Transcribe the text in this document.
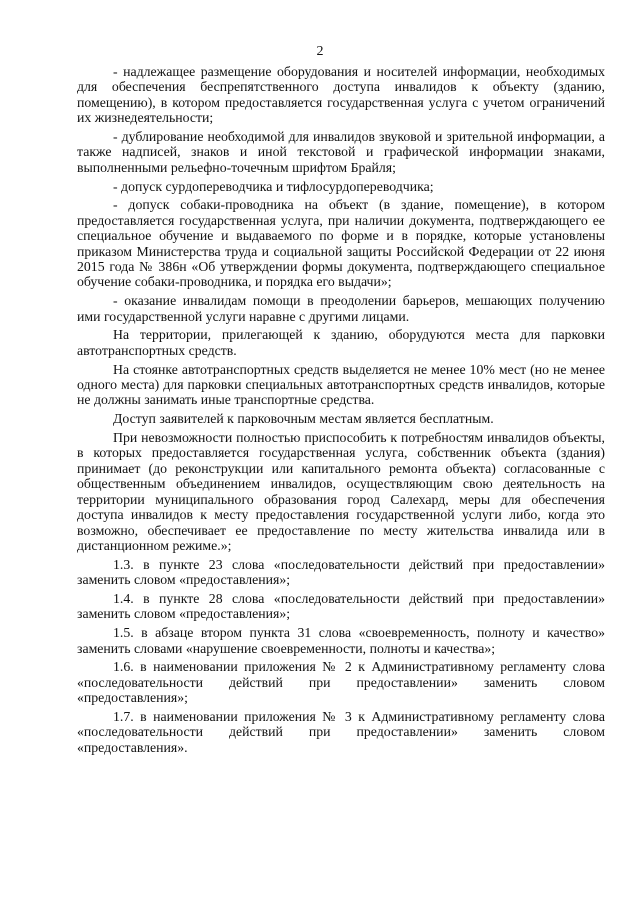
2

- надлежащее размещение оборудования и носителей информации, необходимых для обеспечения беспрепятственного доступа инвалидов к объекту (зданию, помещению), в котором предоставляется государственная услуга с учетом ограничений их жизнедеятельности;

- дублирование необходимой для инвалидов звуковой и зрительной информации, а также надписей, знаков и иной текстовой и графической информации знаками, выполненными рельефно-точечным шрифтом Брайля;

- допуск сурдопереводчика и тифлосурдопереводчика;

- допуск собаки-проводника на объект (в здание, помещение), в котором предоставляется государственная услуга, при наличии документа, подтверждающего ее специальное обучение и выдаваемого по форме и в порядке, которые установлены приказом Министерства труда и социальной защиты Российской Федерации от 22 июня 2015 года № 386н «Об утверждении формы документа, подтверждающего специальное обучение собаки-проводника, и порядка его выдачи»;

- оказание инвалидам помощи в преодолении барьеров, мешающих получению ими государственной услуги наравне с другими лицами.

На территории, прилегающей к зданию, оборудуются места для парковки автотранспортных средств.

На стоянке автотранспортных средств выделяется не менее 10% мест (но не менее одного места) для парковки специальных автотранспортных средств инвалидов, которые не должны занимать иные транспортные средства.

Доступ заявителей к парковочным местам является бесплатным.

При невозможности полностью приспособить к потребностям инвалидов объекты, в которых предоставляется государственная услуга, собственник объекта (здания) принимает (до реконструкции или капитального ремонта объекта) согласованные с общественным объединением инвалидов, осуществляющим свою деятельность на территории муниципального образования город Салехард, меры для обеспечения доступа инвалидов к месту предоставления государственной услуги либо, когда это возможно, обеспечивает ее предоставление по месту жительства инвалида или в дистанционном режиме.»;

1.3. в пункте 23 слова «последовательности действий при предоставлении» заменить словом «предоставления»;

1.4. в пункте 28 слова «последовательности действий при предоставлении» заменить словом «предоставления»;

1.5. в абзаце втором пункта 31 слова «своевременность, полноту и качество» заменить словами «нарушение своевременности, полноты и качества»;

1.6. в наименовании приложения № 2 к Административному регламенту слова «последовательности действий при предоставлении» заменить словом «предоставления»;

1.7. в наименовании приложения № 3 к Административному регламенту слова «последовательности действий при предоставлении» заменить словом «предоставления».
